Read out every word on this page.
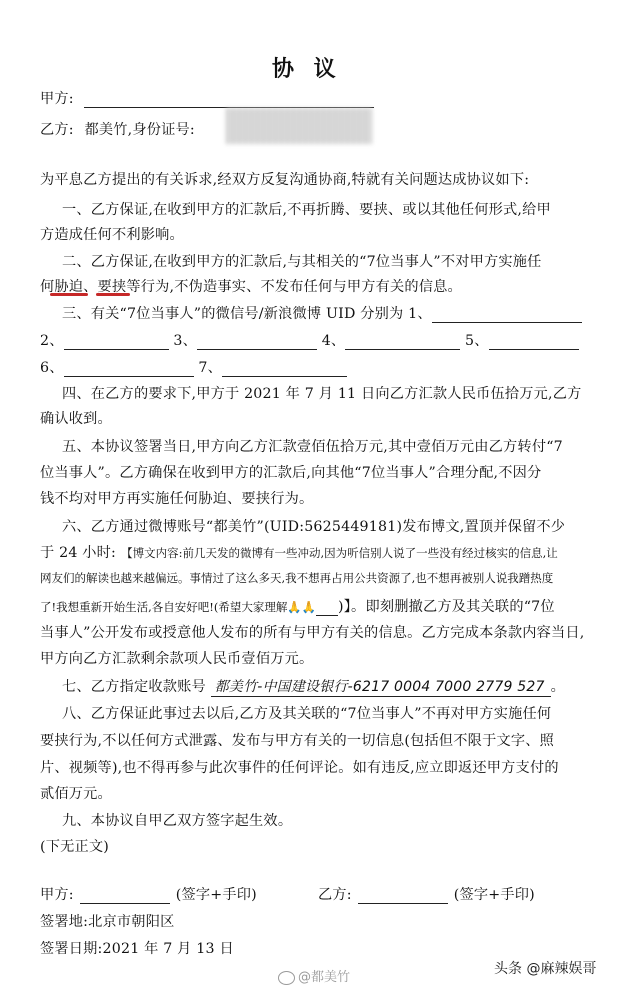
协 议
甲方:
乙方: 都美竹,身份证号:
为平息乙方提出的有关诉求,经双方反复沟通协商,特就有关问题达成协议如下:
一、乙方保证,在收到甲方的汇款后,不再折腾、要挟、或以其他任何形式,给甲
方造成任何不利影响。
二、乙方保证,在收到甲方的汇款后,与其相关的“7位当事人”不对甲方实施任
何胁迫、要挟等行为,不伪造事实、不发布任何与甲方有关的信息。
三、有关“7位当事人”的微信号/新浪微博 UID 分别为 1、
2、	3、	4、	5、
6、	7、
四、在乙方的要求下,甲方于 2021 年 7 月 11 日向乙方汇款人民币伍拾万元,乙方
确认收到。
五、本协议签署当日,甲方向乙方汇款壹佰伍拾万元,其中壹佰万元由乙方转付“7
位当事人”。乙方确保在收到甲方的汇款后,向其他“7位当事人”合理分配,不因分
钱不均对甲方再实施任何胁迫、要挟行为。
六、乙方通过微博账号“都美竹”(UID:5625449181)发布博文,置顶并保留不少
于 24 小时: 【博文内容:前几天发的微博有一些冲动,因为听信别人说了一些没有经过核实的信息,让
网友们的解读也越来越偏远。事情过了这么多天,我不想再占用公共资源了,也不想再被别人说我蹭热度
了!我想重新开始生活,各自安好吧!(希望大家理解🙏🙏 )】。即刻删撤乙方及其关联的“7位
当事人”公开发布或授意他人发布的所有与甲方有关的信息。乙方完成本条款内容当日,
甲方向乙方汇款剩余款项人民币壹佰万元。
七、乙方指定收款账号 都美竹-中国建设银行-6217 0004 7000 2779 527 。
八、乙方保证此事过去以后,乙方及其关联的“7位当事人”不再对甲方实施任何
要挟行为,不以任何方式泄露、发布与甲方有关的一切信息(包括但不限于文字、照
片、视频等),也不得再参与此次事件的任何评论。如有违反,应立即返还甲方支付的
贰佰万元。
九、本协议自甲乙双方签字起生效。
(下无正文)
甲方:	(签字+手印)	乙方:	(签字+手印)
签署地:北京市朝阳区
签署日期:2021 年 7 月 13 日
@都美竹
头条 @麻辣娱哥
